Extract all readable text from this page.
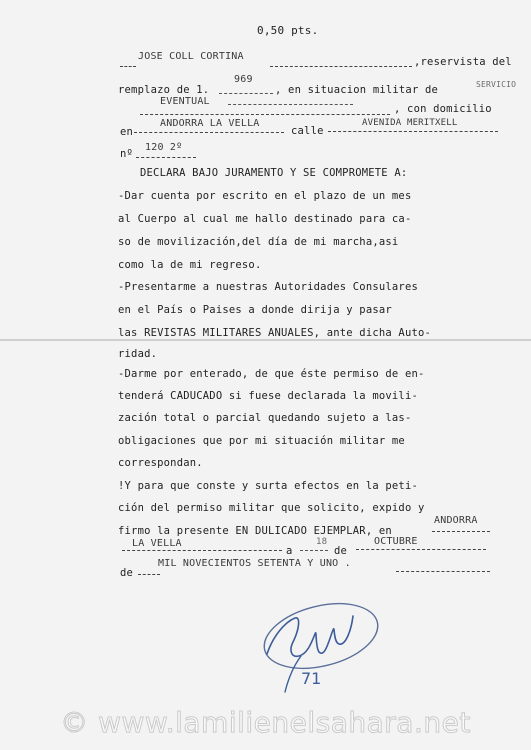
0,50 pts.
JOSE COLL CORTINA	,reservista del
remplazo de 1.
969
, en situacion militar de	SERVICIO
EVENTUAL
, con domicilio
en
ANDORRA LA VELLA
calle
AVENIDA MERITXELL
nº
120 2º
DECLARA BAJO JURAMENTO Y SE COMPROMETE A:
-Dar cuenta por escrito en el plazo de un mes
al Cuerpo al cual me hallo destinado para ca-
so de movilización,del día de mi marcha,asi
como la de mi regreso.
-Presentarme a nuestras Autoridades Consulares
en el País o Paises a donde dirija y pasar
las REVISTAS MILITARES ANUALES, ante dicha Auto-
ridad.
-Darme por enterado, de que éste permiso de en-
tenderá CADUCADO si fuese declarada la movili-
zación total o parcial quedando sujeto a las-
obligaciones que por mi situación militar me
correspondan.
!Y para que conste y surta efectos en la peti-
ción del permiso militar que solicito, expido y
firmo la presente EN DULICADO EJEMPLAR, en
ANDORRA
LA VELLA
a
18
de
OCTUBRE
de
MIL NOVECIENTOS SETENTA Y UNO .
71
© www.lamilienelsahara.net
